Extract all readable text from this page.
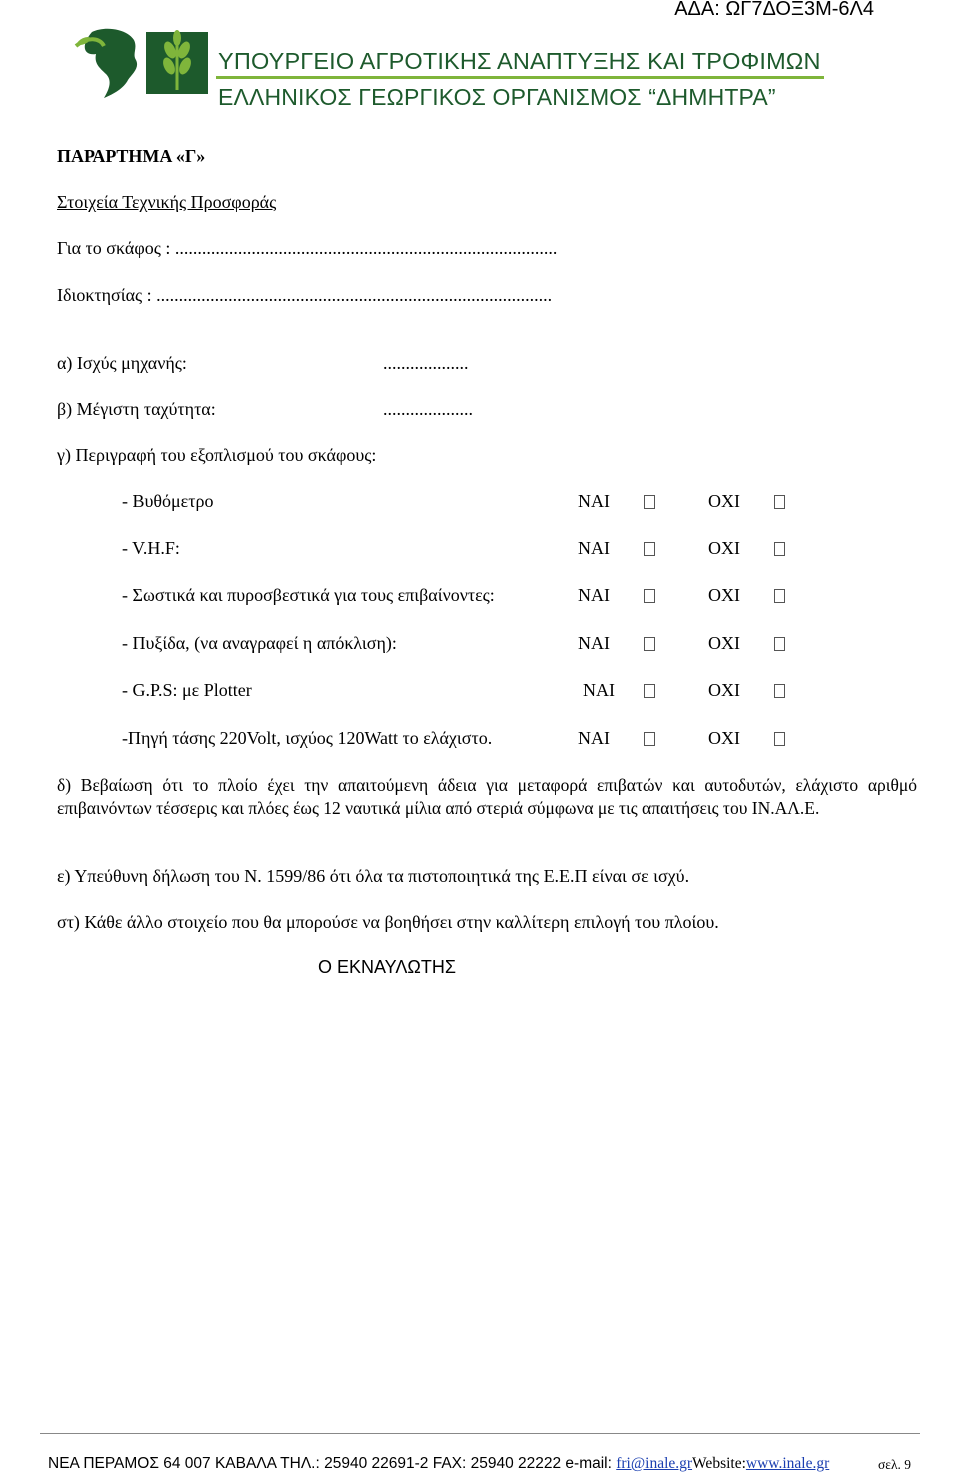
ΑΔΑ: ΩΓ7ΔΟΞ3Μ-6Λ4
ΥΠΟΥΡΓΕΙΟ ΑΓΡΟΤΙΚΗΣ ΑΝΑΠΤΥΞΗΣ ΚΑΙ ΤΡΟΦΙΜΩΝ
ΕΛΛΗΝΙΚΟΣ ΓΕΩΡΓΙΚΟΣ ΟΡΓΑΝΙΣΜΟΣ “ΔΗΜΗΤΡΑ”
ΠΑΡΑΡΤΗΜΑ «Γ»
Στοιχεία Τεχνικής Προσφοράς
Για το σκάφος : .....................................................................................
Ιδιοκτησίας : ........................................................................................
α) Ισχύς μηχανής:	...................
β) Μέγιστη ταχύτητα:	....................
γ) Περιγραφή του εξοπλισμού του σκάφους:
- Βυθόμετρο	ΝΑΙ	ΟΧΙ
- V.H.F:	ΝΑΙ	ΟΧΙ
- Σωστικά και πυροσβεστικά για τους επιβαίνοντες:	ΝΑΙ	ΟΧΙ
- Πυξίδα, (να αναγραφεί η απόκλιση):	ΝΑΙ	ΟΧΙ
- G.P.S: με Plotter	ΝΑΙ	ΟΧΙ
-Πηγή τάσης 220Volt, ισχύος 120Watt το ελάχιστο.	ΝΑΙ	ΟΧΙ
δ) Βεβαίωση ότι το πλοίο έχει την απαιτούμενη άδεια για μεταφορά επιβατών και αυτοδυτών, ελάχιστο αριθμό επιβαινόντων τέσσερις και πλόες έως 12 ναυτικά μίλια από στεριά σύμφωνα με τις απαιτήσεις του ΙΝ.ΑΛ.Ε.
ε) Υπεύθυνη δήλωση του Ν. 1599/86 ότι όλα τα πιστοποιητικά της Ε.Ε.Π είναι σε ισχύ.
στ) Κάθε άλλο στοιχείο που θα μπορούσε να βοηθήσει στην καλλίτερη επιλογή του πλοίου.
Ο ΕΚΝΑΥΛΩΤΗΣ
ΝΕΑ ΠΕΡΑΜΟΣ 64 007 ΚΑΒΑΛΑ ΤΗΛ.: 25940 22691-2 FAX: 25940 22222 e-mail: fri@inale.grWebsite:www.inale.gr	σελ. 9
